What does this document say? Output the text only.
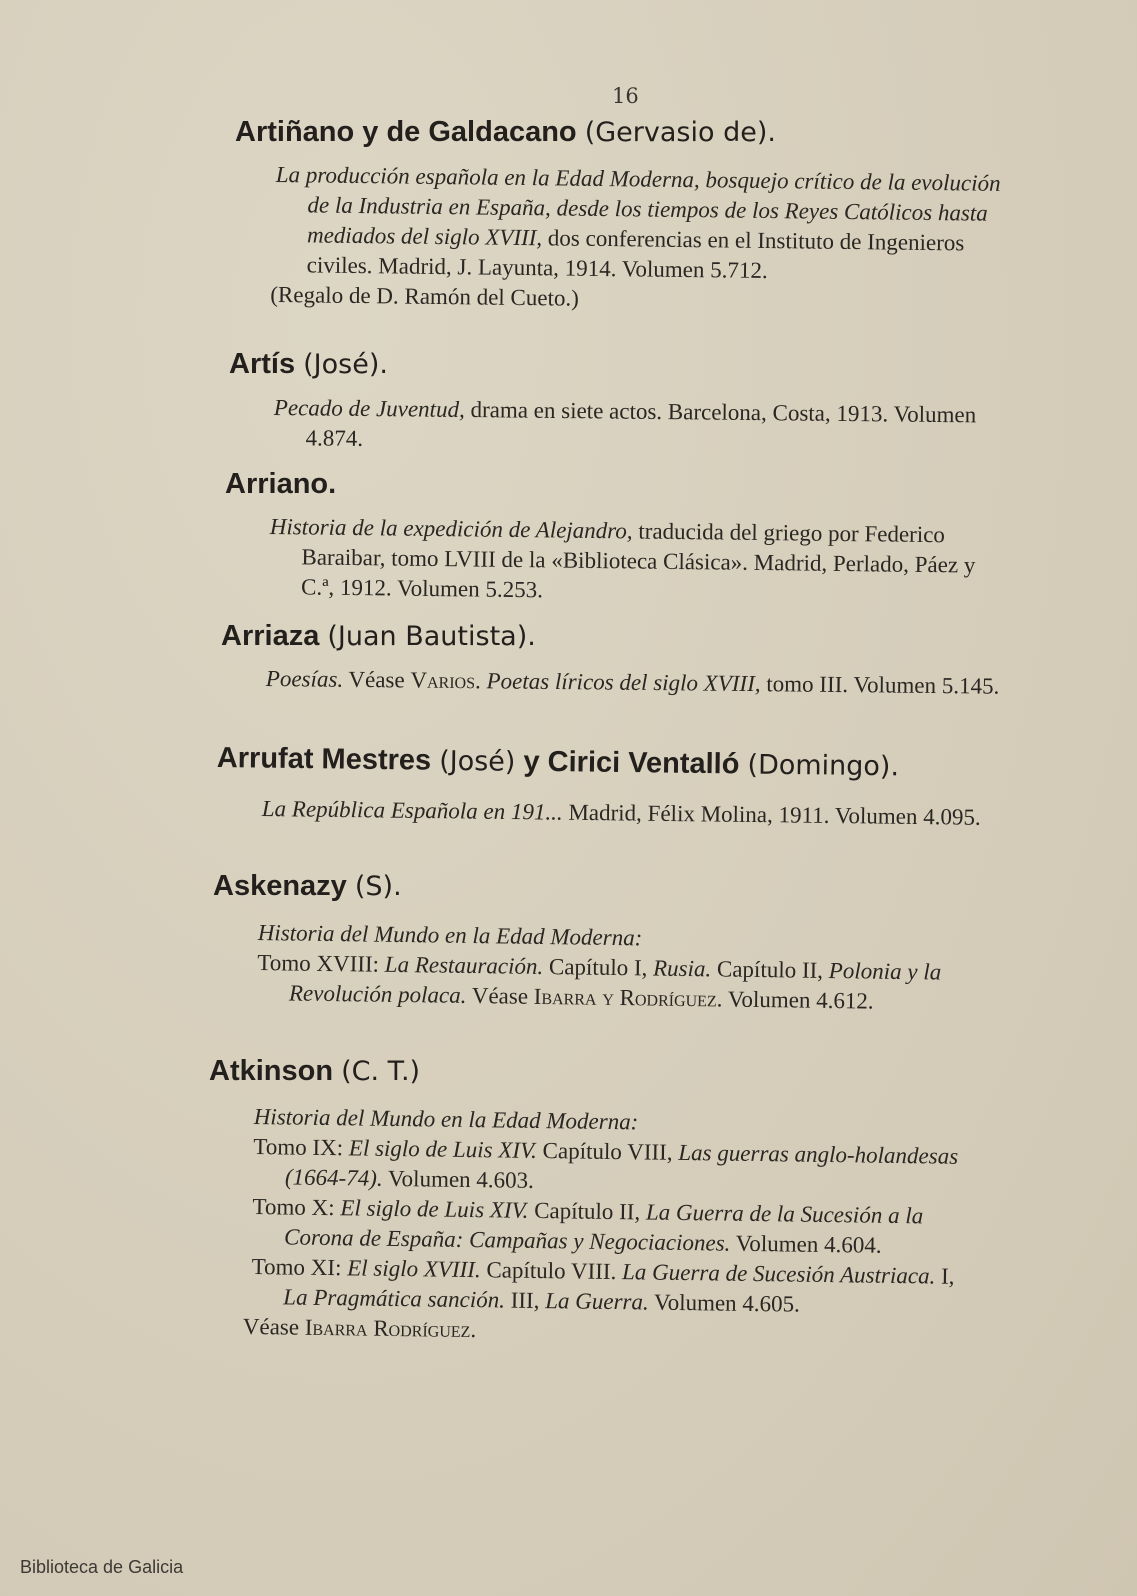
16
Artiñano y de Galdacano (Gervasio de).

La producción española en la Edad Moderna, bosquejo crítico de la evolución de la Industria en España, desde los tiempos de los Reyes Católicos hasta mediados del siglo XVIII, dos conferencias en el Instituto de Ingenieros civiles. Madrid, J. Layunta, 1914. Volumen 5.712.

(Regalo de D. Ramón del Cueto.)

Artís (José).

Pecado de Juventud, drama en siete actos. Barcelona, Costa, 1913. Volumen 4.874.

Arriano.

Historia de la expedición de Alejandro, traducida del griego por Federico Baraibar, tomo LVIII de la «Biblioteca Clásica». Madrid, Perlado, Páez y C.ª, 1912. Volumen 5.253.

Arriaza (Juan Bautista).

Poesías. Véase Varios. Poetas líricos del siglo XVIII, tomo III. Volumen 5.145.

Arrufat Mestres (José) y Cirici Ventalló (Domingo).

La República Española en 191... Madrid, Félix Molina, 1911. Volumen 4.095.

Askenazy (S).

Historia del Mundo en la Edad Moderna:

Tomo XVIII: La Restauración. Capítulo I, Rusia. Capítulo II, Polonia y la Revolución polaca. Véase Ibarra y Rodríguez. Volumen 4.612.

Atkinson (C. T.)

Historia del Mundo en la Edad Moderna:

Tomo IX: El siglo de Luis XIV. Capítulo VIII, Las guerras anglo-holandesas (1664-74). Volumen 4.603.

Tomo X: El siglo de Luis XIV. Capítulo II, La Guerra de la Sucesión a la Corona de España: Campañas y Negociaciones. Volumen 4.604.

Tomo XI: El siglo XVIII. Capítulo VIII. La Guerra de Sucesión Austriaca. I, La Pragmática sanción. III, La Guerra. Volumen 4.605.

Véase Ibarra Rodríguez.

Biblioteca de Galicia
